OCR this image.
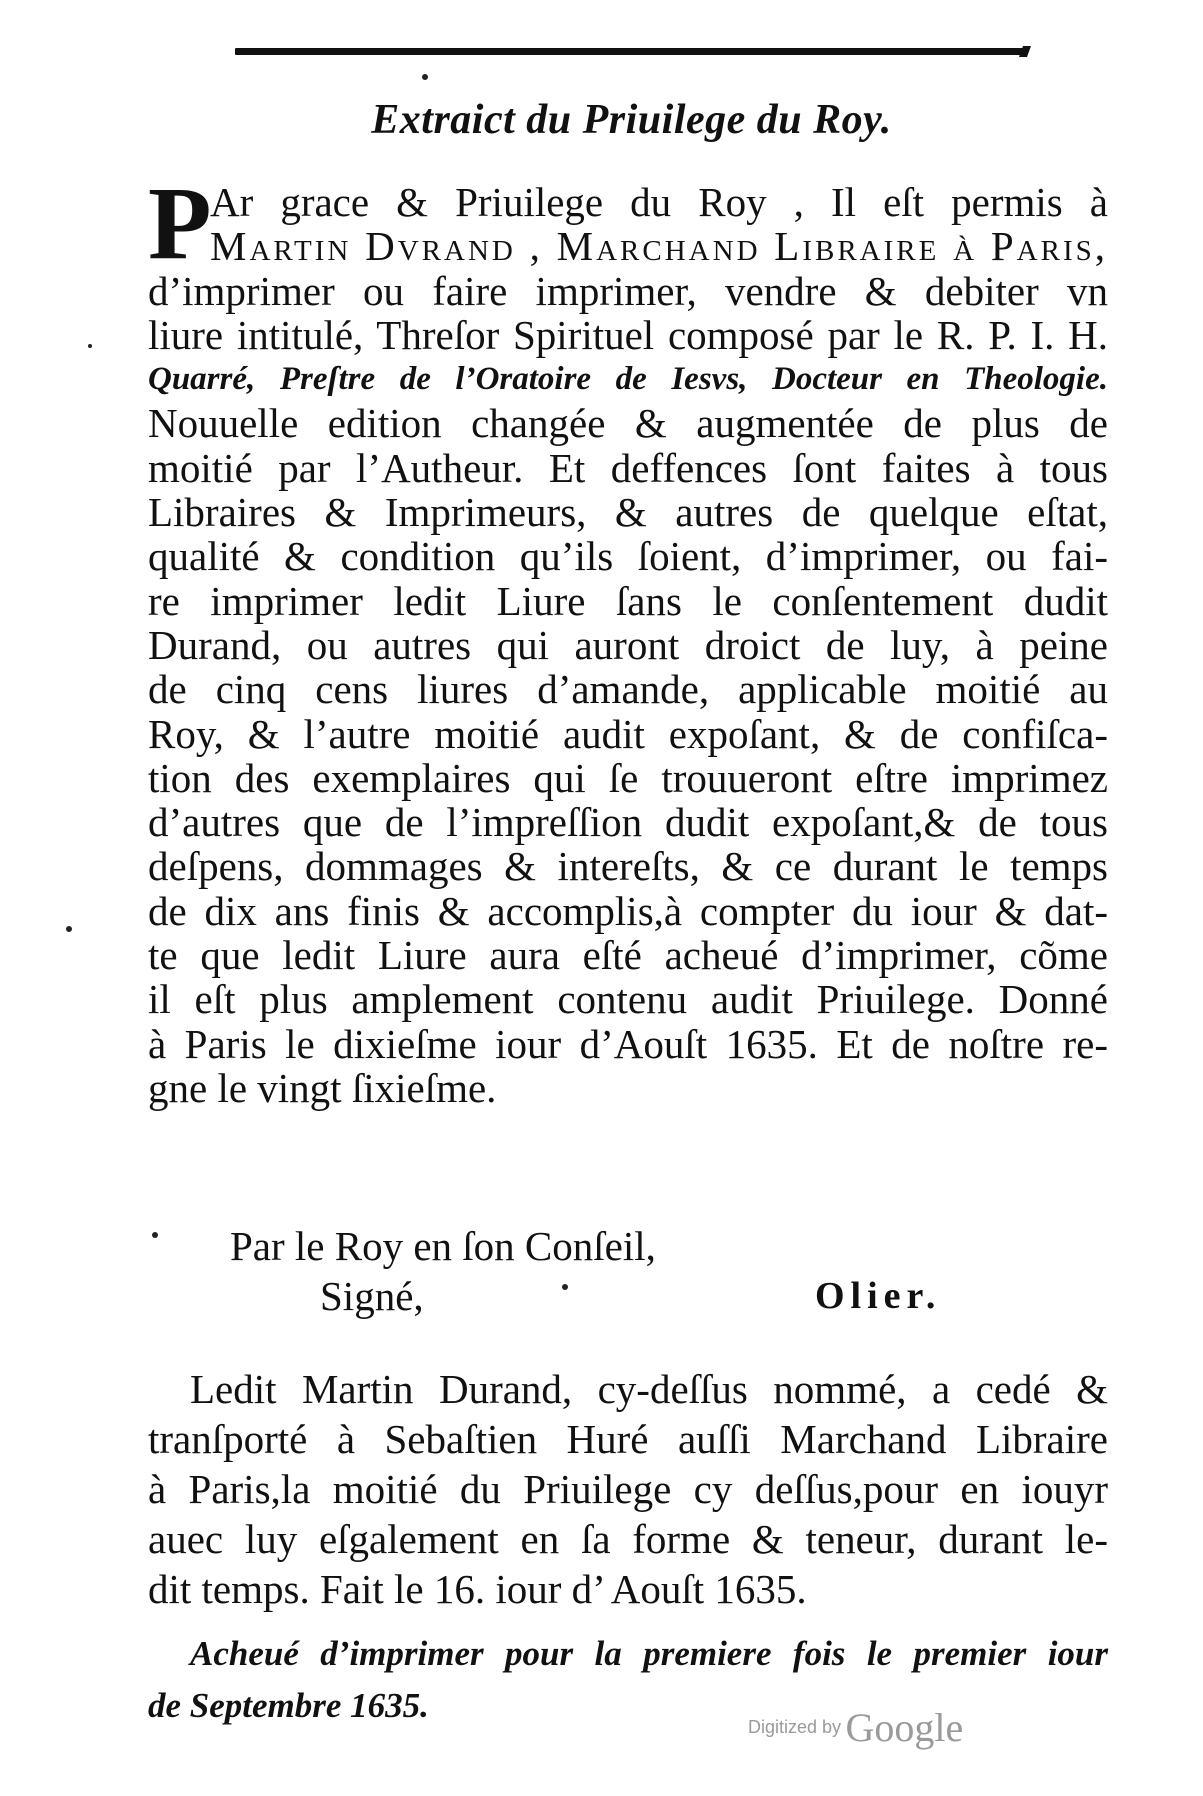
Extraict du Priuilege du Roy.
P
Ar grace & Priuilege du Roy , Il eſt permis à
Martin Dvrand , Marchand Libraire à Paris,
d’imprimer ou faire imprimer, vendre & debiter vn
liure intitulé, Threſor Spirituel composé par le R. P. I. H.
Quarré, Preſtre de l’Oratoire de Iesvs, Docteur en Theologie.
Nouuelle edition changée & augmentée de plus de
moitié par l’Autheur. Et deffences ſont faites à tous
Libraires & Imprimeurs, & autres de quelque eſtat,
qualité & condition qu’ils ſoient, d’imprimer, ou fai-
re imprimer ledit Liure ſans le conſentement dudit
Durand, ou autres qui auront droict de luy, à peine
de cinq cens liures d’amande, applicable moitié au
Roy, & l’autre moitié audit expoſant, & de confiſca-
tion des exemplaires qui ſe trouueront eſtre imprimez
d’autres que de l’impreſſion dudit expoſant,& de tous
deſpens, dommages & intereſts, & ce durant le temps
de dix ans finis & accomplis,à compter du iour & dat-
te que ledit Liure aura eſté acheué d’imprimer, cõme
il eſt plus amplement contenu audit Priuilege. Donné
à Paris le dixieſme iour d’Aouſt 1635. Et de noſtre re-
gne le vingt ſixieſme.
Par le Roy en ſon Conſeil,
Signé,	Olier.
Ledit Martin Durand, cy-deſſus nommé, a cedé &
tranſporté à Sebaſtien Huré auſſi Marchand Libraire
à Paris,la moitié du Priuilege cy deſſus,pour en iouyr
auec luy eſgalement en ſa forme & teneur, durant le-
dit temps. Fait le 16. iour d’ Aouſt 1635.
Acheué d’imprimer pour la premiere fois le premier iour
de Septembre 1635.
Digitized by Google
